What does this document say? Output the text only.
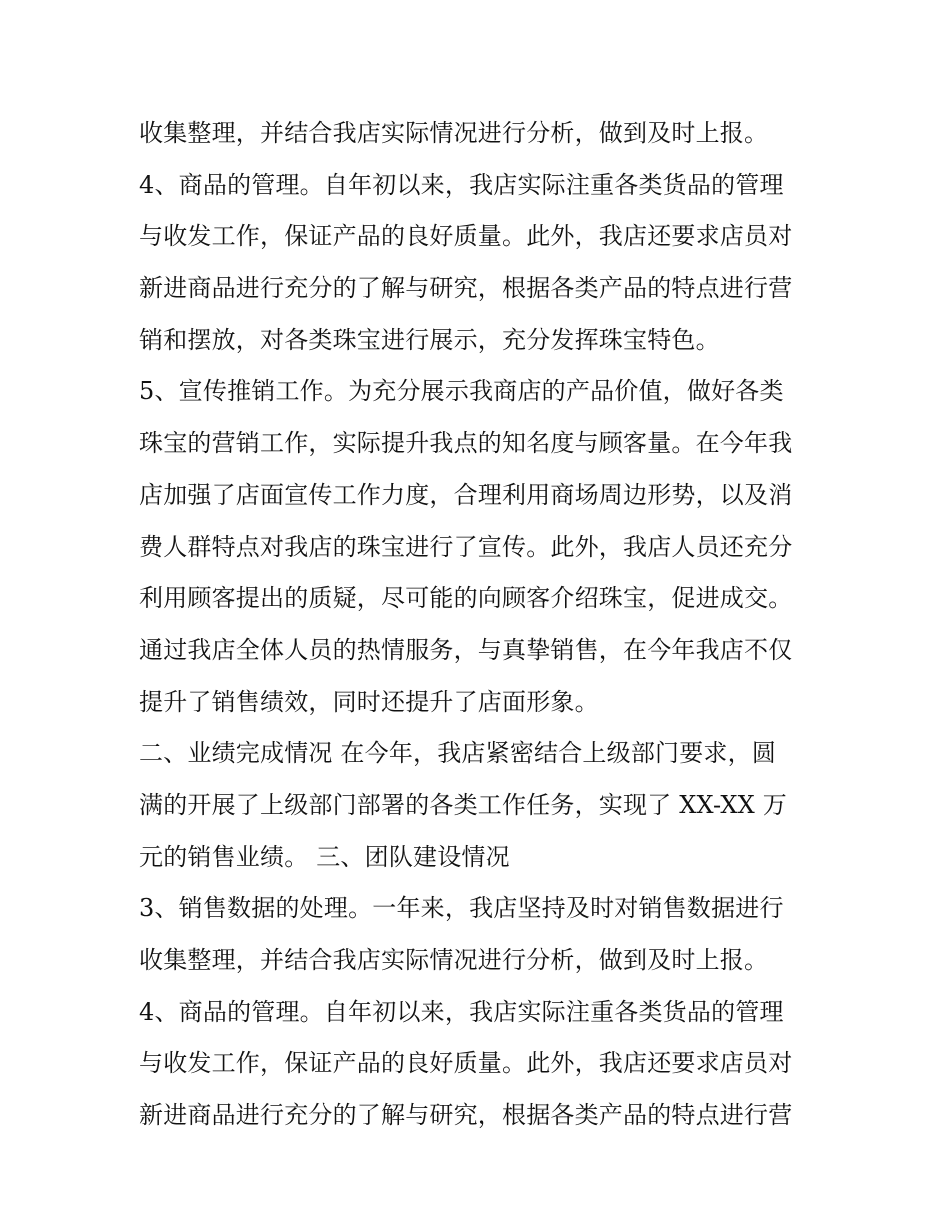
收集整理，并结合我店实际情况进行分析，做到及时上报。
4、商品的管理。自年初以来，我店实际注重各类货品的管理
与收发工作，保证产品的良好质量。此外，我店还要求店员对
新进商品进行充分的了解与研究，根据各类产品的特点进行营
销和摆放，对各类珠宝进行展示，充分发挥珠宝特色。
5、宣传推销工作。为充分展示我商店的产品价值，做好各类
珠宝的营销工作，实际提升我点的知名度与顾客量。在今年我
店加强了店面宣传工作力度，合理利用商场周边形势，以及消
费人群特点对我店的珠宝进行了宣传。此外，我店人员还充分
利用顾客提出的质疑，尽可能的向顾客介绍珠宝，促进成交。
通过我店全体人员的热情服务，与真挚销售，在今年我店不仅
提升了销售绩效，同时还提升了店面形象。
二、业绩完成情况 在今年，我店紧密结合上级部门要求，圆
满的开展了上级部门部署的各类工作任务，实现了 XX-XX 万
元的销售业绩。 三、团队建设情况
3、销售数据的处理。一年来，我店坚持及时对销售数据进行
收集整理，并结合我店实际情况进行分析，做到及时上报。
4、商品的管理。自年初以来，我店实际注重各类货品的管理
与收发工作，保证产品的良好质量。此外，我店还要求店员对
新进商品进行充分的了解与研究，根据各类产品的特点进行营
